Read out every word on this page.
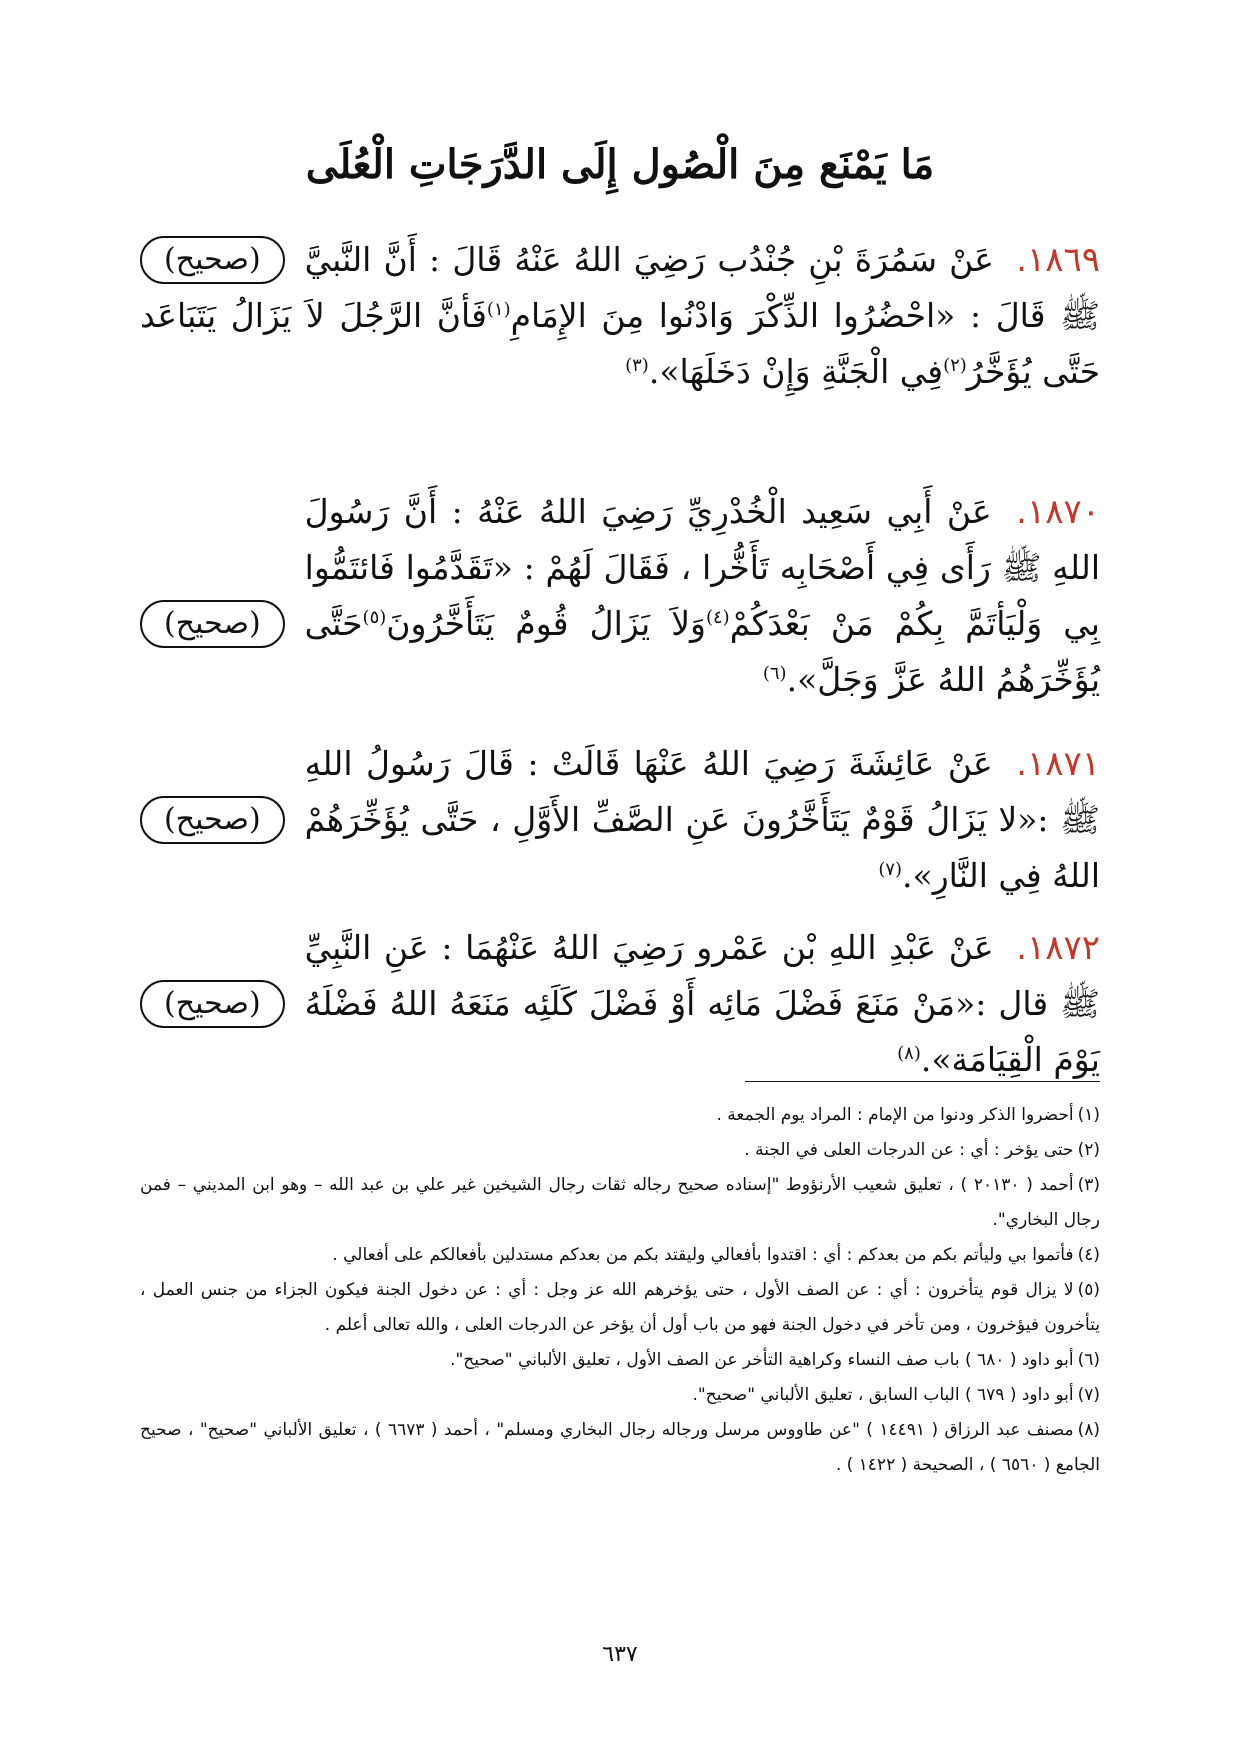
مَا يَمْنَع مِنَ الْصُول إِلَى الدَّرَجَاتِ الْعُلَى
(صحيح)	١٨٦٩. عَنْ سَمُرَةَ بْنِ جُنْدُب رَضِيَ اللهُ عَنْهُ قَالَ : أَنَّ النَّبيَّ ﷺ قَالَ : «احْضُرُوا الذِّكْرَ وَادْنُوا مِنَ الإِمَامِ$^{(١)}$فَأنَّ الرَّجُلَ لاَ يَزَالُ يَتَبَاعَد حَتَّى يُؤَخَّرُ$^{(٢)}$فِي الْجَنَّةِ وَإِنْ دَخَلَهَا».$^{(٣)}$
(صحيح)
١٨٧٠. عَنْ أَبِي سَعِيد الْخُدْرِيِّ رَضِيَ اللهُ عَنْهُ : أَنَّ رَسُولَ اللهِ ﷺ رَأَى فِي أَصْحَابِه تَأَخُّرا ، فَقَالَ لَهُمْ : «تَقَدَّمُوا فَائتَمُّوا بِي وَلْيَأتَمَّ بِكُمْ مَنْ بَعْدَكُمْ$^{(٤)}$وَلاَ يَزَالُ قُومٌ يَتَأَخَّرُونَ$^{(٥)}$حَتَّى يُؤَخِّرَهُمُ اللهُ عَزَّ وَجَلَّ».$^{(٦)}$
(صحيح)
١٨٧١. عَنْ عَائِشَةَ رَضِيَ اللهُ عَنْهَا قَالَتْ : قَالَ رَسُولُ اللهِ ﷺ :«لا يَزَالُ قَوْمٌ يَتَأَخَّرُونَ عَنِ الصَّفِّ الأَوَّلِ ، حَتَّى يُؤَخِّرَهُمْ اللهُ فِي النَّارِ».$^{(٧)}$
(صحيح)
١٨٧٢. عَنْ عَبْدِ اللهِ بْن عَمْرو رَضِيَ اللهُ عَنْهُمَا : عَنِ النَّبِيِّ ﷺ قال :«مَنْ مَنَعَ فَضْلَ مَائِه أَوْ فَضْلَ كَلَئِه مَنَعَهُ اللهُ فَضْلَهُ يَوْمَ الْقِيَامَة».$^{(٨)}$

(١)أحضروا الذكر ودنوا من الإمام : المراد يوم الجمعة .

(٢)حتى يؤخر : أي : عن الدرجات العلى في الجنة .

(٣)أحمد ( ٢٠١٣٠ ) ، تعليق شعيب الأرنؤوط "إسناده صحيح رجاله ثقات رجال الشيخين غير علي بن عبد الله – وهو ابن المديني – فمن رجال البخاري".

(٤)فأتموا بي وليأتم بكم من بعدكم : أي : اقتدوا بأفعالي وليقتد بكم من بعدكم مستدلين بأفعالكم على أفعالي .

(٥)لا يزال قوم يتأخرون : أي : عن الصف الأول ، حتى يؤخرهم الله عز وجل : أي : عن دخول الجنة فيكون الجزاء من جنس العمل ، يتأخرون فيؤخرون ، ومن تأخر في دخول الجنة فهو من باب أول أن يؤخر عن الدرجات العلى ، والله تعالى أعلم .

(٦)أبو داود ( ٦٨٠ ) باب صف النساء وكراهية التأخر عن الصف الأول ، تعليق الألباني "صحيح".

(٧)أبو داود ( ٦٧٩ ) الباب السابق ، تعليق الألباني "صحيح".

(٨)مصنف عبد الرزاق ( ١٤٤٩١ ) "عن طاووس مرسل ورجاله رجال البخاري ومسلم" ، أحمد ( ٦٦٧٣ ) ، تعليق الألباني "صحيح" ، صحيح الجامع ( ٦٥٦٠ ) ، الصحيحة ( ١٤٢٢ ) .

٦٣٧
